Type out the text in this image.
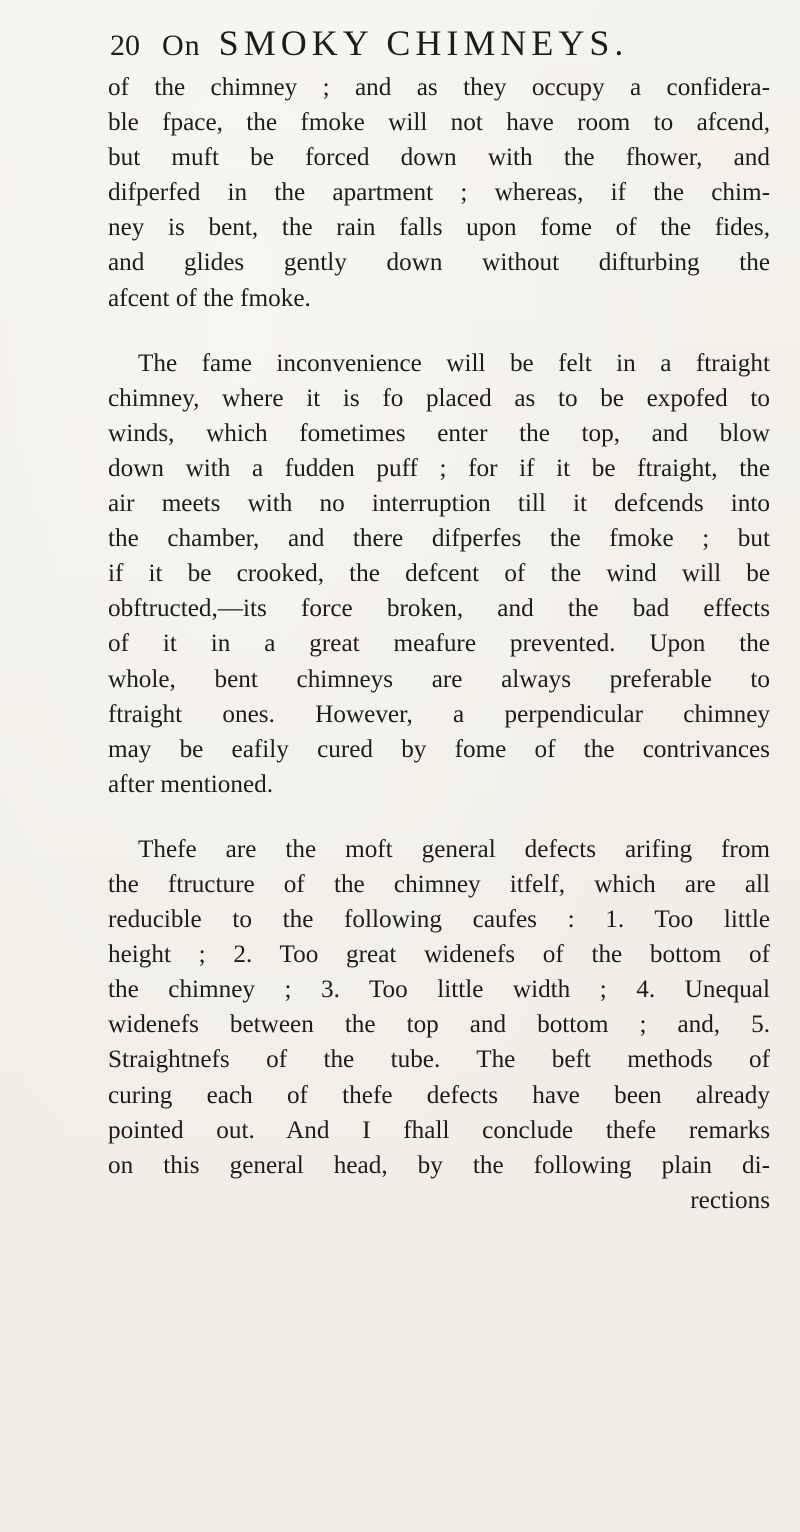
20 On SMOKY CHIMNEYS.
of the chimney ; and as they occupy a confidera-
ble fpace, the fmoke will not have room to afcend,
but muft be forced down with the fhower, and
difperfed in the apartment ; whereas, if the chim-
ney is bent, the rain falls upon fome of the fides,
and glides gently down without difturbing the
afcent of the fmoke.
The fame inconvenience will be felt in a ftraight
chimney, where it is fo placed as to be expofed to
winds, which fometimes enter the top, and blow
down with a fudden puff ; for if it be ftraight, the
air meets with no interruption till it defcends into
the chamber, and there difperfes the fmoke ; but
if it be crooked, the defcent of the wind will be
obftructed,—its force broken, and the bad effects
of it in a great meafure prevented. Upon the
whole, bent chimneys are always preferable to
ftraight ones. However, a perpendicular chimney
may be eafily cured by fome of the contrivances
after mentioned.
Thefe are the moft general defects arifing from
the ftructure of the chimney itfelf, which are all
reducible to the following caufes : 1. Too little
height ; 2. Too great widenefs of the bottom of
the chimney ; 3. Too little width ; 4. Unequal
widenefs between the top and bottom ; and, 5.
Straightnefs of the tube. The beft methods of
curing each of thefe defects have been already
pointed out. And I fhall conclude thefe remarks
on this general head, by the following plain di-
rections
